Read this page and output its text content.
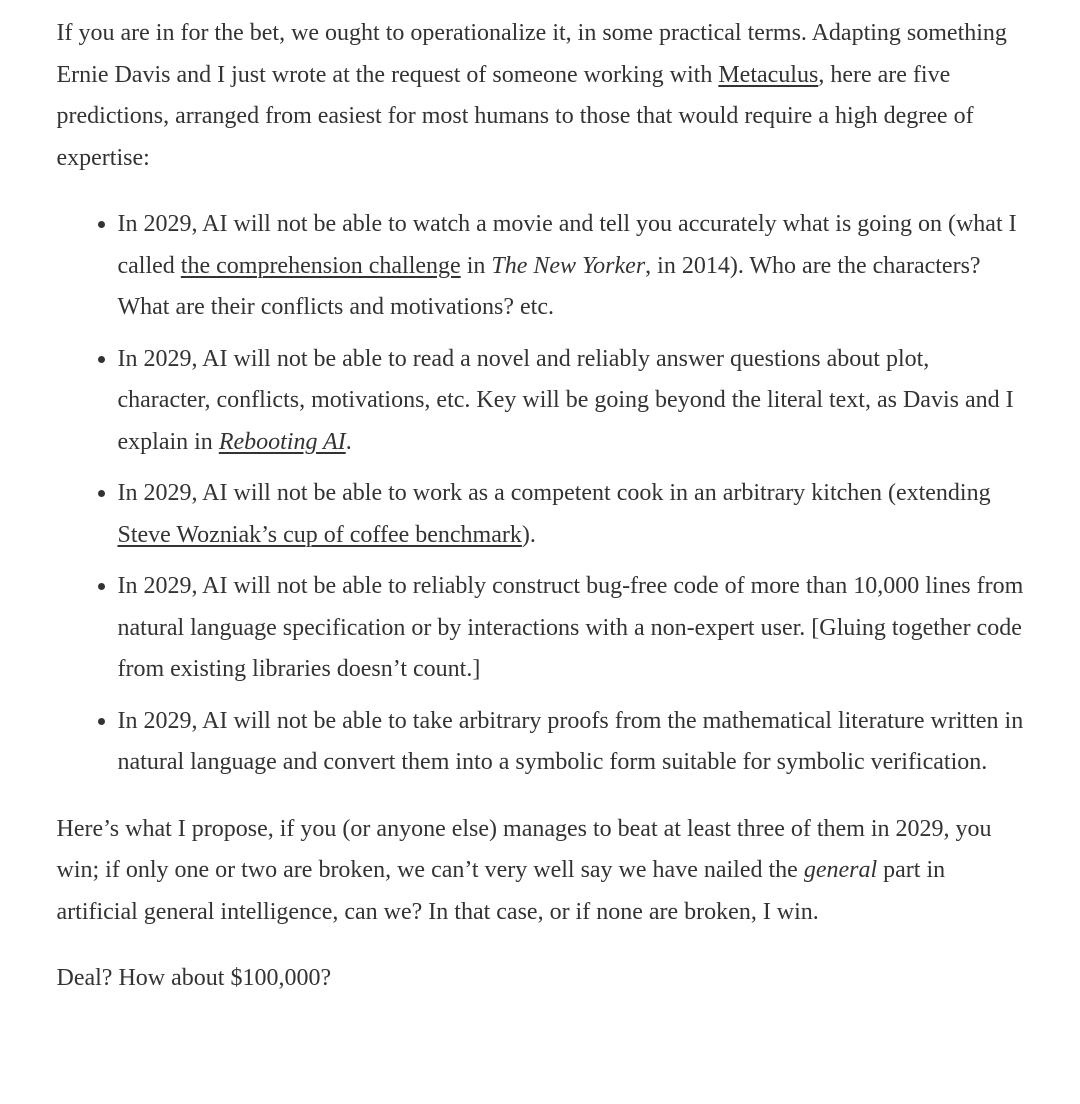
If you are in for the bet, we ought to operationalize it, in some practical terms. Adapting something Ernie Davis and I just wrote at the request of someone working with Metaculus, here are five predictions, arranged from easiest for most humans to those that would require a high degree of expertise:

• In 2029, AI will not be able to watch a movie and tell you accurately what is going on (what I called the comprehension challenge in The New Yorker, in 2014). Who are the characters? What are their conflicts and motivations? etc.
• In 2029, AI will not be able to read a novel and reliably answer questions about plot, character, conflicts, motivations, etc. Key will be going beyond the literal text, as Davis and I explain in Rebooting AI.
• In 2029, AI will not be able to work as a competent cook in an arbitrary kitchen (extending Steve Wozniak’s cup of coffee benchmark).
• In 2029, AI will not be able to reliably construct bug-free code of more than 10,000 lines from natural language specification or by interactions with a non-expert user. [Gluing together code from existing libraries doesn’t count.]
• In 2029, AI will not be able to take arbitrary proofs from the mathematical literature written in natural language and convert them into a symbolic form suitable for symbolic verification.

Here’s what I propose, if you (or anyone else) manages to beat at least three of them in 2029, you win; if only one or two are broken, we can’t very well say we have nailed the general part in artificial general intelligence, can we? In that case, or if none are broken, I win.

Deal? How about $100,000?
